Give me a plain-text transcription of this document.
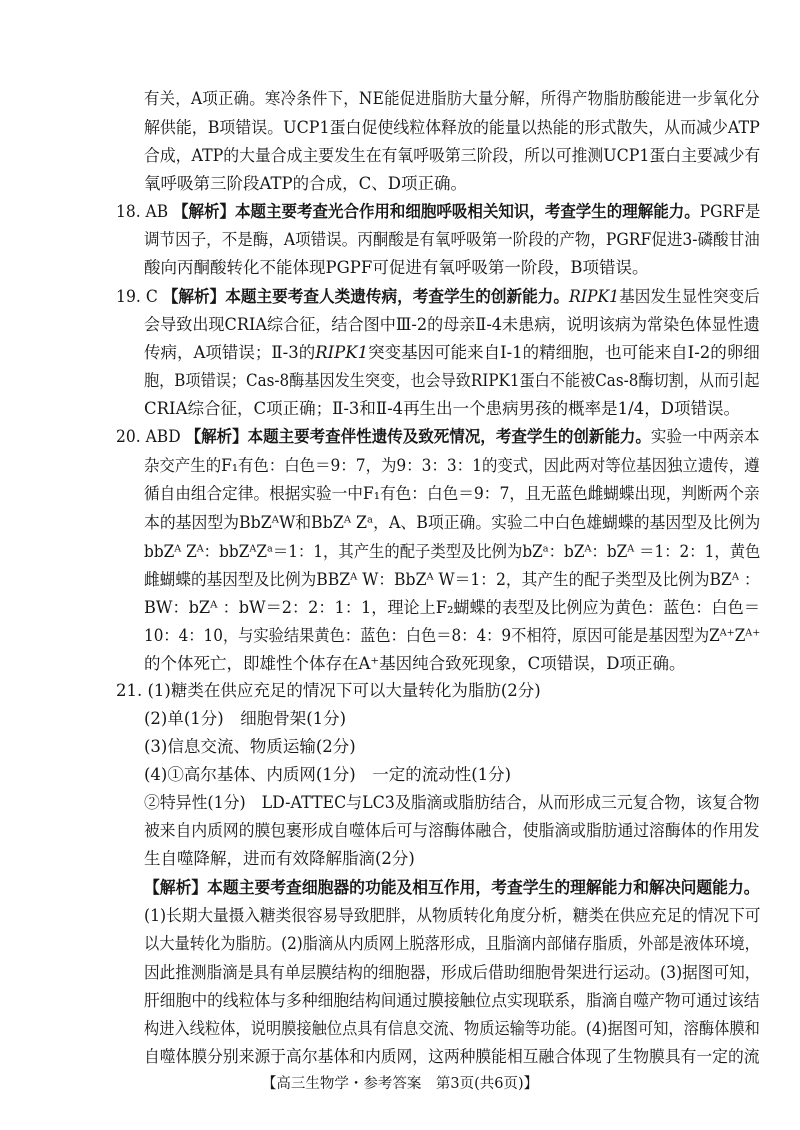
有关，A项正确。寒冷条件下，NE能促进脂肪大量分解，所得产物脂肪酸能进一步氧化分
解供能，B项错误。UCP1蛋白促使线粒体释放的能量以热能的形式散失，从而减少ATP
合成，ATP的大量合成主要发生在有氧呼吸第三阶段，所以可推测UCP1蛋白主要减少有
氧呼吸第三阶段ATP的合成，C、D项正确。
18. AB 【解析】本题主要考查光合作用和细胞呼吸相关知识，考查学生的理解能力。PGRF是
调节因子，不是酶，A项错误。丙酮酸是有氧呼吸第一阶段的产物，PGRF促进3-磷酸甘油
酸向丙酮酸转化不能体现PGPF可促进有氧呼吸第一阶段，B项错误。
19. C 【解析】本题主要考查人类遗传病，考查学生的创新能力。RIPK1基因发生显性突变后
会导致出现CRIA综合征，结合图中Ⅲ-2的母亲Ⅱ-4未患病，说明该病为常染色体显性遗
传病，A项错误；Ⅱ-3的RIPK1突变基因可能来自Ⅰ-1的精细胞，也可能来自Ⅰ-2的卵细
胞，B项错误；Cas-8酶基因发生突变，也会导致RIPK1蛋白不能被Cas-8酶切割，从而引起
CRIA综合征，C项正确；Ⅱ-3和Ⅱ-4再生出一个患病男孩的概率是1/4，D项错误。
20. ABD 【解析】本题主要考查伴性遗传及致死情况，考查学生的创新能力。实验一中两亲本
杂交产生的F₁有色：白色＝9：7，为9：3：3：1的变式，因此两对等位基因独立遗传，遵
循自由组合定律。根据实验一中F₁有色：白色＝9：7，且无蓝色雌蝴蝶出现，判断两个亲
本的基因型为BbZᴬW和BbZᴬ Zᵃ，A、B项正确。实验二中白色雄蝴蝶的基因型及比例为
bbZᴬ Zᴬ：bbZᴬZᵃ＝1：1，其产生的配子类型及比例为bZᵃ：bZᴬ：bZᴬ ＝1：2：1，黄色
雌蝴蝶的基因型及比例为BBZᴬ W：BbZᴬ W＝1：2，其产生的配子类型及比例为BZᴬ ：
BW：bZᴬ ：bW＝2：2：1：1，理论上F₂蝴蝶的表型及比例应为黄色：蓝色：白色＝
10：4：10，与实验结果黄色：蓝色：白色＝8：4：9不相符，原因可能是基因型为Zᴬ⁺Zᴬ⁺
的个体死亡，即雄性个体存在A⁺基因纯合致死现象，C项错误，D项正确。
21. (1)糖类在供应充足的情况下可以大量转化为脂肪(2分)
(2)单(1分)　细胞骨架(1分)
(3)信息交流、物质运输(2分)
(4)①高尔基体、内质网(1分)　一定的流动性(1分)
②特异性(1分)　LD-ATTEC与LC3及脂滴或脂肪结合，从而形成三元复合物，该复合物
被来自内质网的膜包裹形成自噬体后可与溶酶体融合，使脂滴或脂肪通过溶酶体的作用发
生自噬降解，进而有效降解脂滴(2分)
【解析】本题主要考查细胞器的功能及相互作用，考查学生的理解能力和解决问题能力。
(1)长期大量摄入糖类很容易导致肥胖，从物质转化角度分析，糖类在供应充足的情况下可
以大量转化为脂肪。(2)脂滴从内质网上脱落形成，且脂滴内部储存脂质，外部是液体环境，
因此推测脂滴是具有单层膜结构的细胞器，形成后借助细胞骨架进行运动。(3)据图可知，
肝细胞中的线粒体与多种细胞结构间通过膜接触位点实现联系，脂滴自噬产物可通过该结
构进入线粒体，说明膜接触位点具有信息交流、物质运输等功能。(4)据图可知，溶酶体膜和
自噬体膜分别来源于高尔基体和内质网，这两种膜能相互融合体现了生物膜具有一定的流
【高三生物学・参考答案　第3页(共6页)】
